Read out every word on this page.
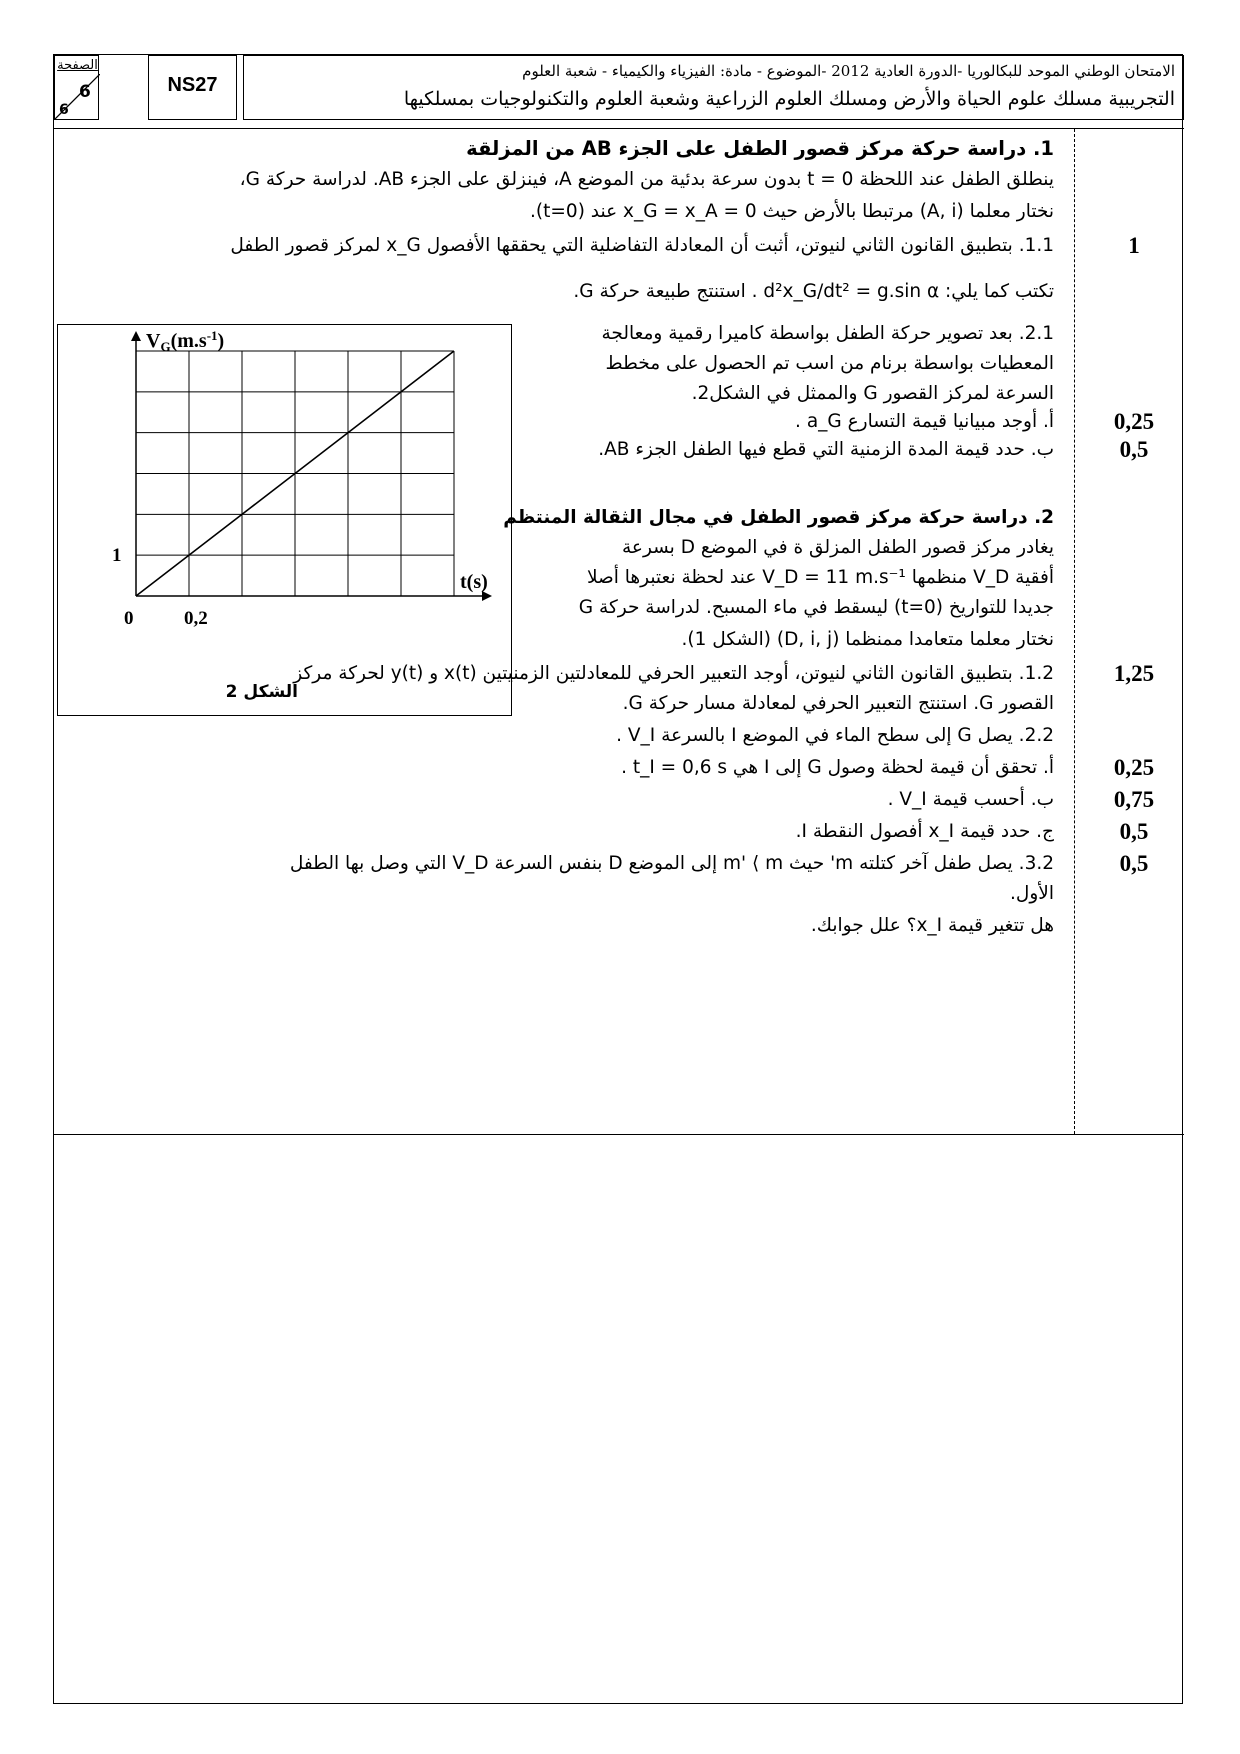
الصفحة
6
6
NS27
الامتحان الوطني الموحد للبكالوريا -الدورة العادية 2012 -الموضوع - مادة: الفيزياء والكيمياء - شعبة العلوم
التجريبية مسلك علوم الحياة والأرض ومسلك العلوم الزراعية وشعبة العلوم والتكنولوجيات بمسلكيها
1. دراسة حركة مركز قصور الطفل على الجزء AB من المزلقة
ينطلق الطفل عند اللحظة t = 0 بدون سرعة بدئية من الموضع A، فينزلق على الجزء AB. لدراسة حركة G،
نختار معلما (A, i) مرتبطا بالأرض حيث x_G = x_A = 0 عند (t=0).
1.1. بتطبيق القانون الثاني لنيوتن، أثبت أن المعادلة التفاضلية التي يحققها الأفصول x_G لمركز قصور الطفل
تكتب كما يلي: d²x_G/dt² = g.sin α . استنتج طبيعة حركة G.
2.1. بعد تصوير حركة الطفل بواسطة كاميرا رقمية ومعالجة
المعطيات بواسطة برنام من اسب تم الحصول على مخطط
السرعة لمركز القصور G والممثل في الشكل2.
أ. أوجد مبيانيا قيمة التسارع a_G .
ب. حدد قيمة المدة الزمنية التي قطع فيها الطفل الجزء AB.
2. دراسة حركة مركز قصور الطفل في مجال الثقالة المنتظم
يغادر مركز قصور الطفل المزلق ة في الموضع D بسرعة
أفقية V_D منظمها V_D = 11 m.s⁻¹ عند لحظة نعتبرها أصلا
جديدا للتواريخ (t=0) ليسقط في ماء المسبح. لدراسة حركة G
نختار معلما متعامدا ممنظما (D, i, j) (الشكل 1).
1.2. بتطبيق القانون الثاني لنيوتن، أوجد التعبير الحرفي للمعادلتين الزمنيتين x(t) و y(t) لحركة مركز
القصور G. استنتج التعبير الحرفي لمعادلة مسار حركة G.
2.2. يصل G إلى سطح الماء في الموضع I بالسرعة V_I .
أ. تحقق أن قيمة لحظة وصول G إلى I هي t_I = 0,6 s .
ب. أحسب قيمة V_I .
ج. حدد قيمة x_I أفصول النقطة I.
3.2. يصل طفل آخر كتلته m' حيث m' ⟨ m إلى الموضع D بنفس السرعة V_D التي وصل بها الطفل
الأول.
هل تتغير قيمة x_I؟ علل جوابك.
1
0,25
0,5
1,25
0,25
0,75
0,5
0,5
$V_G(m.s^{-1})$
t(s)
0	0,2
1
الشكل 2
